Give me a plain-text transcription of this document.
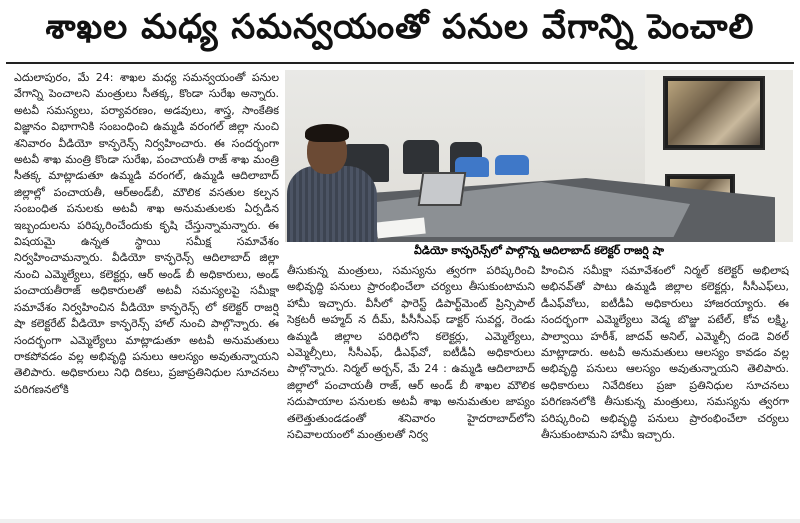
శాఖల మధ్య సమన్వయంతో పనుల వేగాన్ని పెంచాలి

ఎదులాపురం, మే 24: శాఖల మధ్య సమన్వయంతో పనుల వేగాన్ని పెంచాలని మంత్రులు సీతక్క, కొండా సురేఖ అన్నారు. అటవీ సమస్యలు, పర్యావరణం, అడవులు, శాస్త్ర, సాంకేతిక విజ్ఞానం విభాగానికి సంబంధించి ఉమ్మడి వరంగల్ జిల్లా నుంచి శనివారం వీడియో కాన్ఫరెన్స్ నిర్వహించారు. ఈ సందర్భంగా అటవీ శాఖ మంత్రి కొండా సురేఖ, పంచాయతీ రాజ్ శాఖ మంత్రి సీతక్క మాట్లాడుతూ ఉమ్మడి వరంగల్, ఉమ్మడి ఆదిలాబాద్ జిల్లాల్లో పంచాయతీ, ఆర్‌అండ్‌బీ, మౌలిక వసతుల కల్పన సంబంధిత పనులకు అటవీ శాఖ అనుమతులకు ఏర్పడిన ఇబ్బందులను పరిష్కరించేందుకు కృషి చేస్తున్నామన్నారు. ఈ విషయమై ఉన్నత స్థాయి సమీక్ష సమావేశం నిర్వహించామన్నారు. వీడియో కాన్ఫరెన్స్ ఆదిలాబాద్ జిల్లా నుంచి ఎమ్మెల్యేలు, కలెక్టర్లు, ఆర్ అండ్ బీ అధికారులు, అండ్ పంచాయతీరాజ్ అధికారులతో అటవీ సమస్యలపై సమీక్షా సమావేశం నిర్వహించిన వీడియో కాన్ఫరెన్స్ లో కలెక్టర్ రాజర్షి షా కలెక్టరేట్ వీడియో కాన్ఫరెన్స్ హాల్ నుంచి పాల్గొన్నారు. ఈ సందర్భంగా ఎమ్మెల్యేలు మాట్లాడుతూ అటవీ అనుమతులు రాకపోవడం వల్ల అభివృద్ధి పనులు ఆలస్యం అవుతున్నాయని తెలిపారు. అధికారులు నిధి దికలు, ప్రజాప్రతినిధుల సూచనలు పరిగణనలోకి

వీడియో కాన్ఫరెన్స్‌లో పాల్గొన్న ఆదిలాబాద్ కలెక్టర్ రాజర్షి షా

తీసుకున్న మంత్రులు, సమస్యను త్వరగా పరిష్కరించి అభివృద్ధి పనులు ప్రారంభించేలా చర్యలు తీసుకుంటామని హామీ ఇచ్చారు. వీసీలో ఫారెస్ట్ డిపార్ట్‌మెంట్ ప్రిన్సిపాల్ సెక్రటరీ అహ్మద్ న దీమ్, పీసీసీఎఫ్ డాక్టర్ సువర్ణ, రెండు ఉమ్మడి జిల్లాల పరిధిలోని కలెక్టర్లు, ఎమ్మెల్యేలు, ఎమ్మెల్సీలు, సీసీఎఫ్, డీఎఫ్‌వో, ఐటీడీఏ అధికారులు పాల్గొన్నారు. నిర్మల్ అర్బన్, మే 24 : ఉమ్మడి ఆదిలాబాద్ జిల్లాలో పంచాయతీ రాజ్, ఆర్ అండ్ బీ శాఖల మౌలిక సదుపాయాల పనులకు అటవీ శాఖ అనుమతుల జాప్యం తలెత్తుతుండడంతో శనివారం హైదరాబాద్‌లోని సచివాలయంలో మంత్రులతో నిర్వ

హించిన సమీక్షా సమావేశంలో నిర్మల్ కలెక్టర్ అభిలాష అభినవ్‌తో పాటు ఉమ్మడి జిల్లాల కలెక్టర్లు, సీసీఎఫ్‌లు, డీఎఫ్‌వోలు, ఐటీడీఏ అధికారులు హాజరయ్యారు. ఈ సందర్భంగా ఎమ్మెల్యేలు వెడ్మ బొజ్జు పటేల్, కోవ లక్ష్మి, పాల్వాయి హరీశ్, జాదవ్ అనిల్, ఎమ్మెల్సీ దండె విఠల్ మాట్లాడారు. అటవీ అనుమతులు ఆలస్యం కావడం వల్ల అభివృద్ధి పనులు ఆలస్యం అవుతున్నాయని తెలిపారు. అధికారులు నివేదికలు ప్రజా ప్రతినిధుల సూచనలు పరిగణనలోకి తీసుకున్న మంత్రులు, సమస్యను త్వరగా పరిష్కరించి అభివృద్ధి పనులు ప్రారంభించేలా చర్యలు తీసుకుంటామని హామీ ఇచ్చారు.
